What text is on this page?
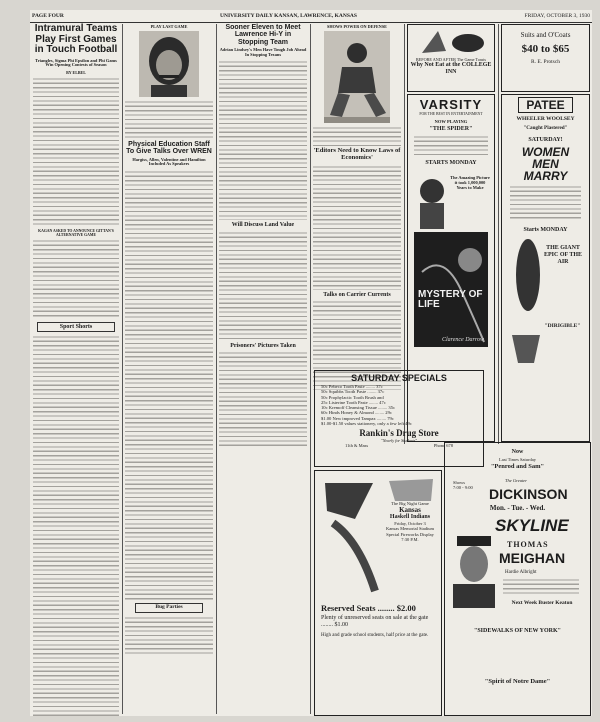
PAGE FOUR	UNIVERSITY DAILY KANSAN, LAWRENCE, KANSAS	FRIDAY, OCTOBER 3, 1930
Intramural Teams Play First Games in Touch Football
Triangles, Sigma Phi Epsilon and Phi Gams Win Opening Contests of Season
BY ELBEL
KAGAN ASKED TO ANNOUNCE GITTAN'S ALTERNATIVE GAME
Sport Shorts
PLAY LAST GAME
Physical Education Staff To Give Talks Over WREN
Hargiss, Allen, Valentine and Hamilton Included As Speakers
Bug Parties
Sooner Eleven to Meet Lawrence Hi-Y in Stopping Team
Adrian Lindsey's Men Have Tough Job Ahead In Stopping Texans
Will Discuss Land Value
Prisoners' Pictures Taken
SHOWS POWER ON DEFENSE
'Editors Need to Know Laws of Economics'
Talks on Carrier Currents
BEFORE AND AFTER The Game Toasts
Why Not Eat at the COLLEGE INN
VARSITY
FOR THE BEST IN ENTERTAINMENT
NOW PLAYING
"THE SPIDER"
STARTS MONDAY
The Amazing Picture it took 1,000,000 Years to Make
MYSTERY OF LIFE
Clarence Darrow
Suits and O'Coats
$40 to $65
R. E. Protsch
PATEE
WHEELER WOOLSEY
"Caught Plastered"
SATURDAY!
WOMEN MEN MARRY
Starts MONDAY
THE GIANT EPIC OF THE AIR
"DIRIGIBLE"
SATURDAY SPECIALS
50c Pebeco Tooth Paste ........ 37c
50c Squibbs Tooth Paste ........ 37c
50c Prophylactic Tooth Brush and
25c Listerine Tooth Paste ........ 47c
10c Kremoff Cleansing Tissue ........ 35c
60c Hinds Honey & Almond ........ 29c
$1.00 New improved Tampax ........ 79c
$1.00-$1.50 values stationery, only a few left 49c
Rankin's Drug Store
"Nearly for Students"
11th & Mass	Phone 678
The Big Night Game
Kansas
Haskell Indians
Friday, October 3
Kansas Memorial Stadium
Special Fireworks Display
7:30 P.M.
Reserved Seats ........ $2.00
Plenty of unreserved seats on sale at the gate ........ $1.00
High and grade school students, half price at the gate.
Now
Last Times Saturday
"Penrod and Sam"
Shows 7:00 - 9:00
The Greater
DICKINSON
Mon. - Tue. - Wed.
SKYLINE
THOMAS
MEIGHAN
Hardie Albright
Next Week Buster Keaton
"SIDEWALKS OF NEW YORK"
"Spirit of Notre Dame"
